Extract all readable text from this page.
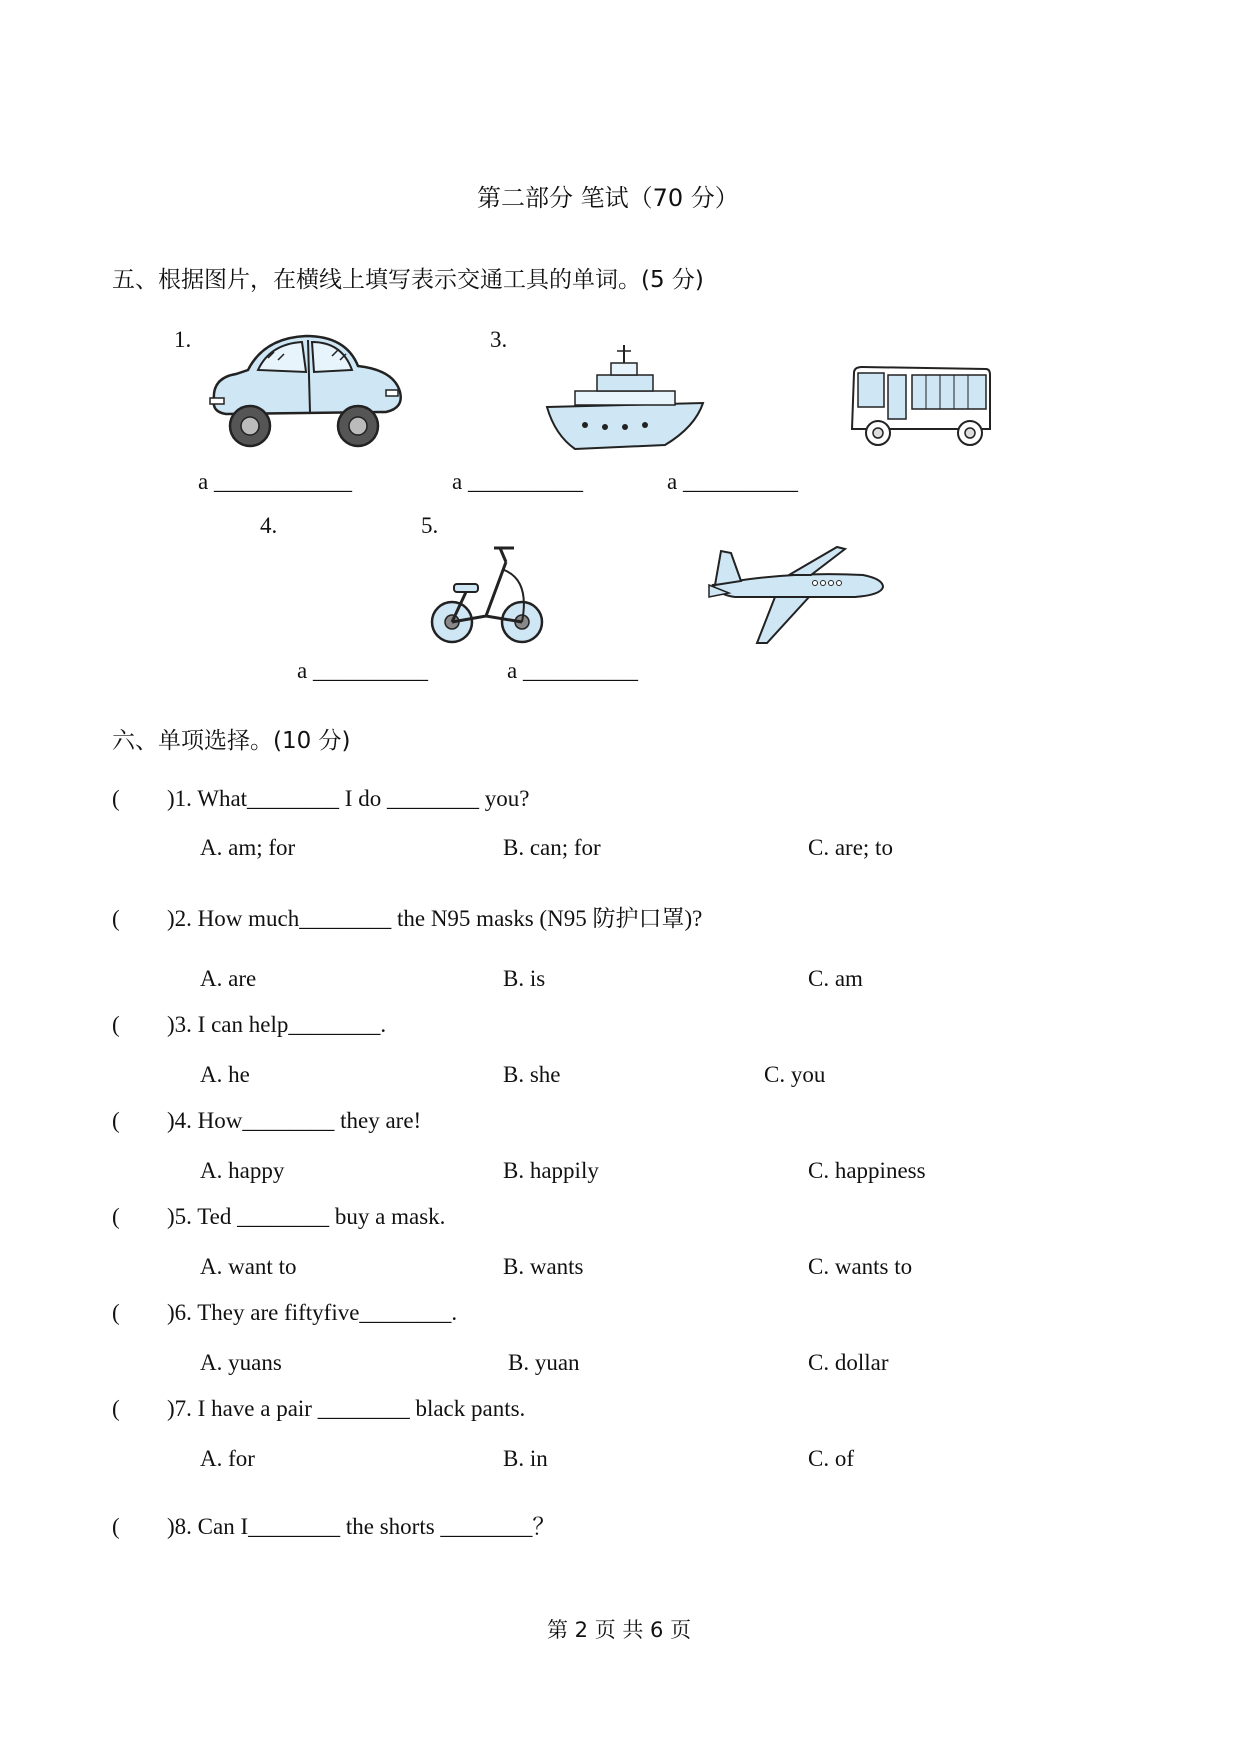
第二部分 笔试（70 分）
五、根据图片，在横线上填写表示交通工具的单词。(5 分)
1.	3.
4.	5.
a ____________	a __________	a __________
a __________	a __________
六、单项选择。(10 分)
( )1. What________ I do ________ you?
A. am; for	B. can; for	C. are; to
( )2. How much________ the N95 masks (N95 防护口罩)?
A. are	B. is	C. am
( )3. I can help________.
A. he	B. she	C. you
( )4. How________ they are!
A. happy	B. happily	C. happiness
( )5. Ted ________ buy a mask.
A. want to	B. wants	C. wants to
( )6. They are fiftyfive________.
A. yuans	B. yuan	C. dollar
( )7. I have a pair ________ black pants.
A. for	B. in	C. of
( )8. Can I________ the shorts ________？
第 2 页 共 6 页
